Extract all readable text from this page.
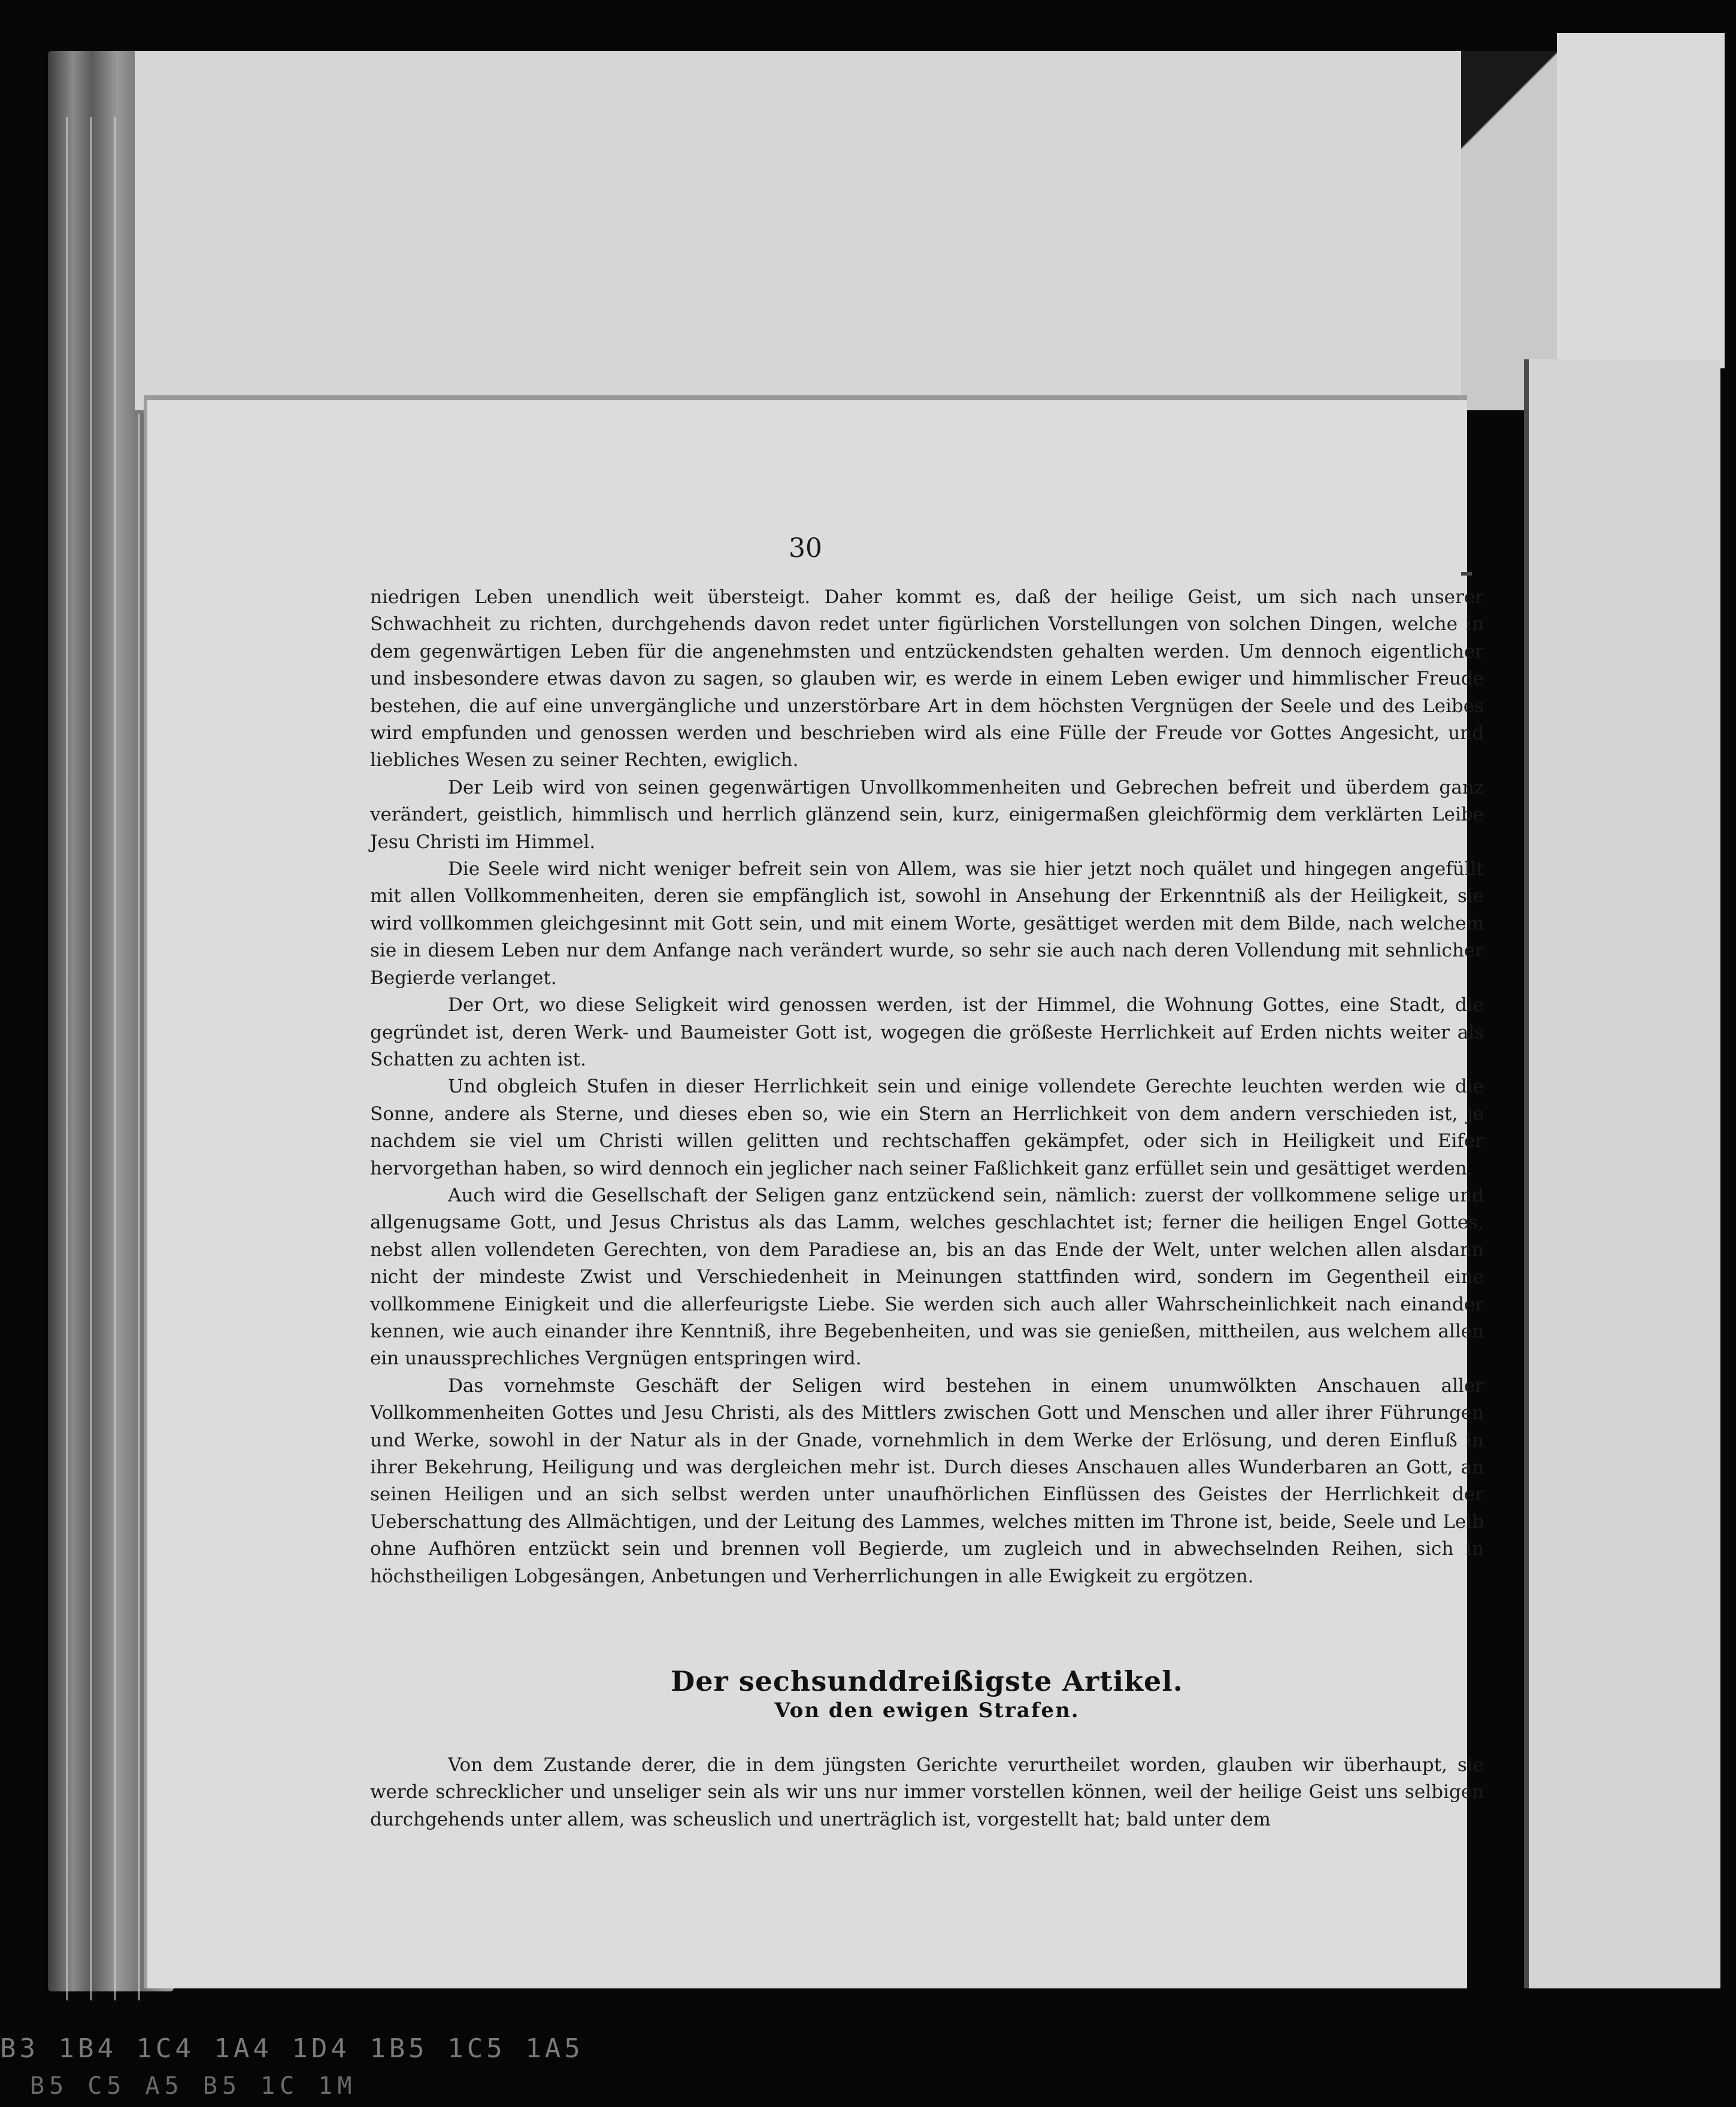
30

niedrigen Leben unendlich weit übersteigt. Daher kommt es, daß der heilige Geist, um sich nach unserer Schwachheit zu richten, durchgehends davon redet unter figürlichen Vorstellungen von solchen Dingen, welche in dem gegenwärtigen Leben für die angenehmsten und entzückendsten gehalten werden. Um dennoch eigentlicher und insbesondere etwas davon zu sagen, so glauben wir, es werde in einem Leben ewiger und himmlischer Freude bestehen, die auf eine unvergängliche und unzerstörbare Art in dem höchsten Vergnügen der Seele und des Leibes wird empfunden und genossen werden und beschrieben wird als eine Fülle der Freude vor Gottes Angesicht, und liebliches Wesen zu seiner Rechten, ewiglich.

Der Leib wird von seinen gegenwärtigen Unvollkommenheiten und Gebrechen befreit und überdem ganz verändert, geistlich, himmlisch und herrlich glänzend sein, kurz, einigermaßen gleichförmig dem verklärten Leibe Jesu Christi im Himmel.

Die Seele wird nicht weniger befreit sein von Allem, was sie hier jetzt noch quälet und hingegen angefüllt mit allen Vollkommenheiten, deren sie empfänglich ist, sowohl in Ansehung der Erkenntniß als der Heiligkeit, sie wird vollkommen gleichgesinnt mit Gott sein, und mit einem Worte, gesättiget werden mit dem Bilde, nach welchem sie in diesem Leben nur dem Anfange nach verändert wurde, so sehr sie auch nach deren Vollendung mit sehnlicher Begierde verlanget.

Der Ort, wo diese Seligkeit wird genossen werden, ist der Himmel, die Wohnung Gottes, eine Stadt, die gegründet ist, deren Werk- und Baumeister Gott ist, wogegen die größeste Herrlichkeit auf Erden nichts weiter als Schatten zu achten ist.

Und obgleich Stufen in dieser Herrlichkeit sein und einige vollendete Gerechte leuchten werden wie die Sonne, andere als Sterne, und dieses eben so, wie ein Stern an Herrlichkeit von dem andern verschieden ist, je nachdem sie viel um Christi willen gelitten und rechtschaffen gekämpfet, oder sich in Heiligkeit und Eifer hervorgethan haben, so wird dennoch ein jeglicher nach seiner Faßlichkeit ganz erfüllet sein und gesättiget werden.

Auch wird die Gesellschaft der Seligen ganz entzückend sein, nämlich: zuerst der vollkommene selige und allgenugsame Gott, und Jesus Christus als das Lamm, welches geschlachtet ist; ferner die heiligen Engel Gottes, nebst allen vollendeten Gerechten, von dem Paradiese an, bis an das Ende der Welt, unter welchen allen alsdann nicht der mindeste Zwist und Verschiedenheit in Meinungen stattfinden wird, sondern im Gegentheil eine vollkommene Einigkeit und die allerfeurigste Liebe. Sie werden sich auch aller Wahrscheinlichkeit nach einander kennen, wie auch einander ihre Kenntniß, ihre Begebenheiten, und was sie genießen, mittheilen, aus welchem allen ein unaussprechliches Vergnügen entspringen wird.

Das vornehmste Geschäft der Seligen wird bestehen in einem unumwölkten Anschauen aller Vollkommenheiten Gottes und Jesu Christi, als des Mittlers zwischen Gott und Menschen und aller ihrer Führungen und Werke, sowohl in der Natur als in der Gnade, vornehmlich in dem Werke der Erlösung, und deren Einfluß in ihrer Bekehrung, Heiligung und was dergleichen mehr ist. Durch dieses Anschauen alles Wunderbaren an Gott, an seinen Heiligen und an sich selbst werden unter unaufhörlichen Einflüssen des Geistes der Herrlichkeit der Ueberschattung des Allmächtigen, und der Leitung des Lammes, welches mitten im Throne ist, beide, Seele und Leib ohne Aufhören entzückt sein und brennen voll Begierde, um zugleich und in abwechselnden Reihen, sich in höchstheiligen Lobgesängen, Anbetungen und Verherrlichungen in alle Ewigkeit zu ergötzen.

Der sechsunddreißigste Artikel.
Von den ewigen Strafen.

Von dem Zustande derer, die in dem jüngsten Gerichte verurtheilet worden, glauben wir überhaupt, sie werde schrecklicher und unseliger sein als wir uns nur immer vorstellen können, weil der heilige Geist uns selbigen durchgehends unter allem, was scheuslich und unerträglich ist, vorgestellt hat; bald unter dem

B3 1B4 1C4 1A4 1D4 1B5 1C5 1A5
B5 C5 A5 B5 1C 1M
